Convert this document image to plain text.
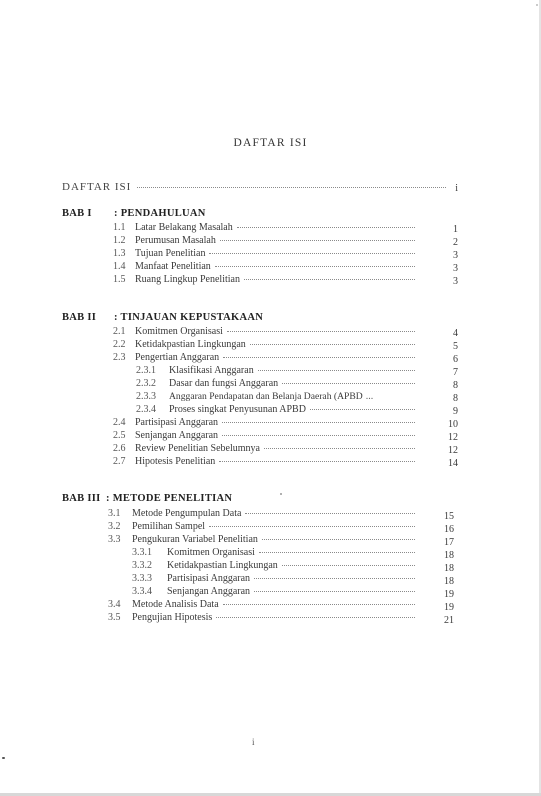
DAFTAR ISI
DAFTAR ISI	i
BAB I : PENDAHULUAN
1.1 Latar Belakang Masalah	1
1.2 Perumusan Masalah	2
1.3 Tujuan Penelitian	3
1.4 Manfaat Penelitian	3
1.5 Ruang Lingkup Penelitian	3
BAB II : TINJAUAN KEPUSTAKAAN
2.1 Komitmen Organisasi	4
2.2 Ketidakpastian Lingkungan	5
2.3 Pengertian Anggaran	6
2.3.1	Klasifikasi Anggaran	7
2.3.2	Dasar dan fungsi Anggaran	8
2.3.3	Anggaran Pendapatan dan Belanja Daerah (APBD ...	8
2.3.4	Proses singkat Penyusunan APBD	9
2.4 Partisipasi Anggaran	10
2.5 Senjangan Anggaran	12
2.6 Review Penelitian Sebelumnya	12
2.7 Hipotesis Penelitian	14
BAB III : METODE PENELITIAN
3.1	Metode Pengumpulan Data	15
3.2	Pemilihan Sampel	16
3.3	Pengukuran Variabel Penelitian	17
3.3.1	Komitmen Organisasi	18
3.3.2	Ketidakpastian Lingkungan	18
3.3.3	Partisipasi Anggaran	18
3.3.4	Senjangan Anggaran	19
3.4	Metode Analisis Data	19
3.5	Pengujian Hipotesis	21
i
